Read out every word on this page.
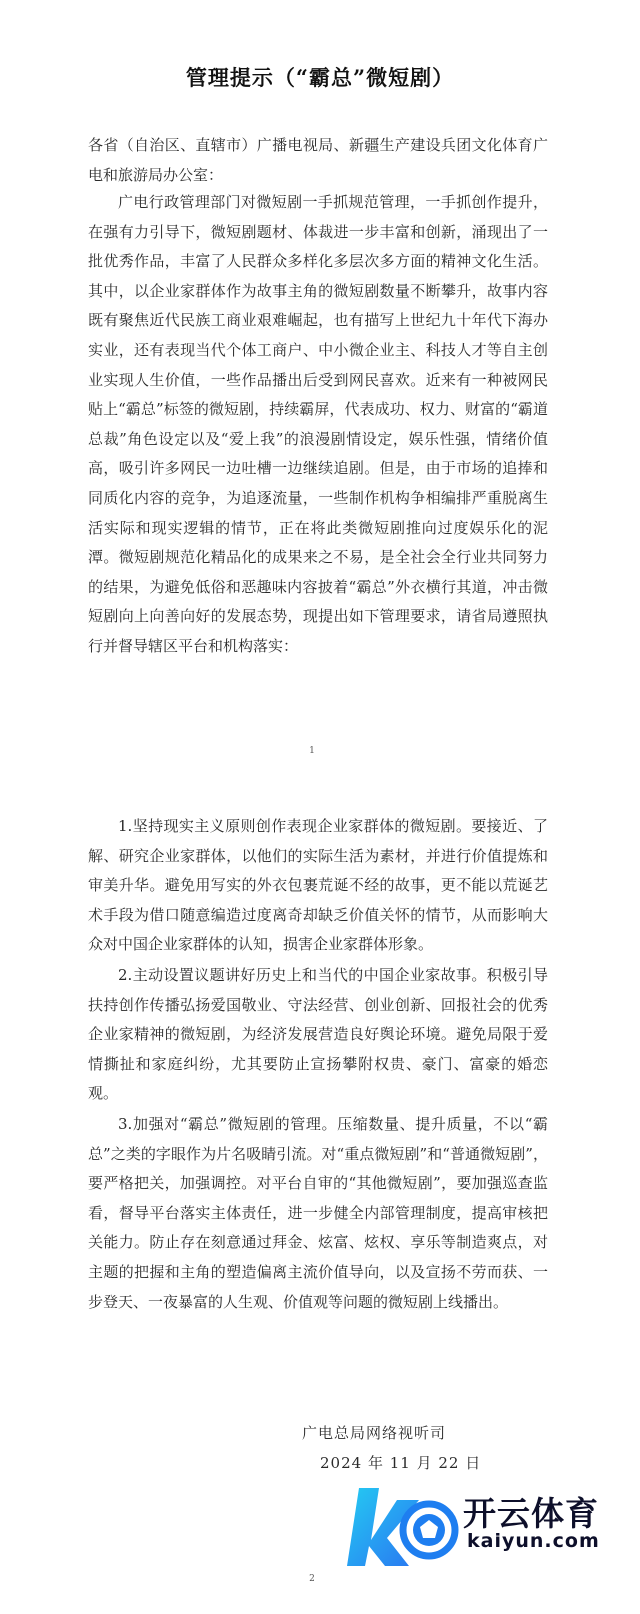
管理提示（“霸总”微短剧）

各省（自治区、直辖市）广播电视局、新疆生产建设兵团文化体育广电和旅游局办公室：

广电行政管理部门对微短剧一手抓规范管理，一手抓创作提升，在强有力引导下，微短剧题材、体裁进一步丰富和创新，涌现出了一批优秀作品，丰富了人民群众多样化多层次多方面的精神文化生活。其中，以企业家群体作为故事主角的微短剧数量不断攀升，故事内容既有聚焦近代民族工商业艰难崛起，也有描写上世纪九十年代下海办实业，还有表现当代个体工商户、中小微企业主、科技人才等自主创业实现人生价值，一些作品播出后受到网民喜欢。近来有一种被网民贴上“霸总”标签的微短剧，持续霸屏，代表成功、权力、财富的“霸道总裁”角色设定以及“爱上我”的浪漫剧情设定，娱乐性强，情绪价值高，吸引许多网民一边吐槽一边继续追剧。但是，由于市场的追捧和同质化内容的竞争，为追逐流量，一些制作机构争相编排严重脱离生活实际和现实逻辑的情节，正在将此类微短剧推向过度娱乐化的泥潭。微短剧规范化精品化的成果来之不易，是全社会全行业共同努力的结果，为避免低俗和恶趣味内容披着“霸总”外衣横行其道，冲击微短剧向上向善向好的发展态势，现提出如下管理要求，请省局遵照执行并督导辖区平台和机构落实：

1

1.坚持现实主义原则创作表现企业家群体的微短剧。要接近、了解、研究企业家群体，以他们的实际生活为素材，并进行价值提炼和审美升华。避免用写实的外衣包裹荒诞不经的故事，更不能以荒诞艺术手段为借口随意编造过度离奇却缺乏价值关怀的情节，从而影响大众对中国企业家群体的认知，损害企业家群体形象。

2.主动设置议题讲好历史上和当代的中国企业家故事。积极引导扶持创作传播弘扬爱国敬业、守法经营、创业创新、回报社会的优秀企业家精神的微短剧，为经济发展营造良好舆论环境。避免局限于爱情撕扯和家庭纠纷，尤其要防止宣扬攀附权贵、豪门、富豪的婚恋观。

3.加强对“霸总”微短剧的管理。压缩数量、提升质量，不以“霸总”之类的字眼作为片名吸睛引流。对“重点微短剧”和“普通微短剧”，要严格把关，加强调控。对平台自审的“其他微短剧”，要加强巡查监看，督导平台落实主体责任，进一步健全内部管理制度，提高审核把关能力。防止存在刻意通过拜金、炫富、炫权、享乐等制造爽点，对主题的把握和主角的塑造偏离主流价值导向，以及宣扬不劳而获、一步登天、一夜暴富的人生观、价值观等问题的微短剧上线播出。

广电总局网络视听司
2024 年 11 月 22 日
开云体育
kaiyun.com
2
